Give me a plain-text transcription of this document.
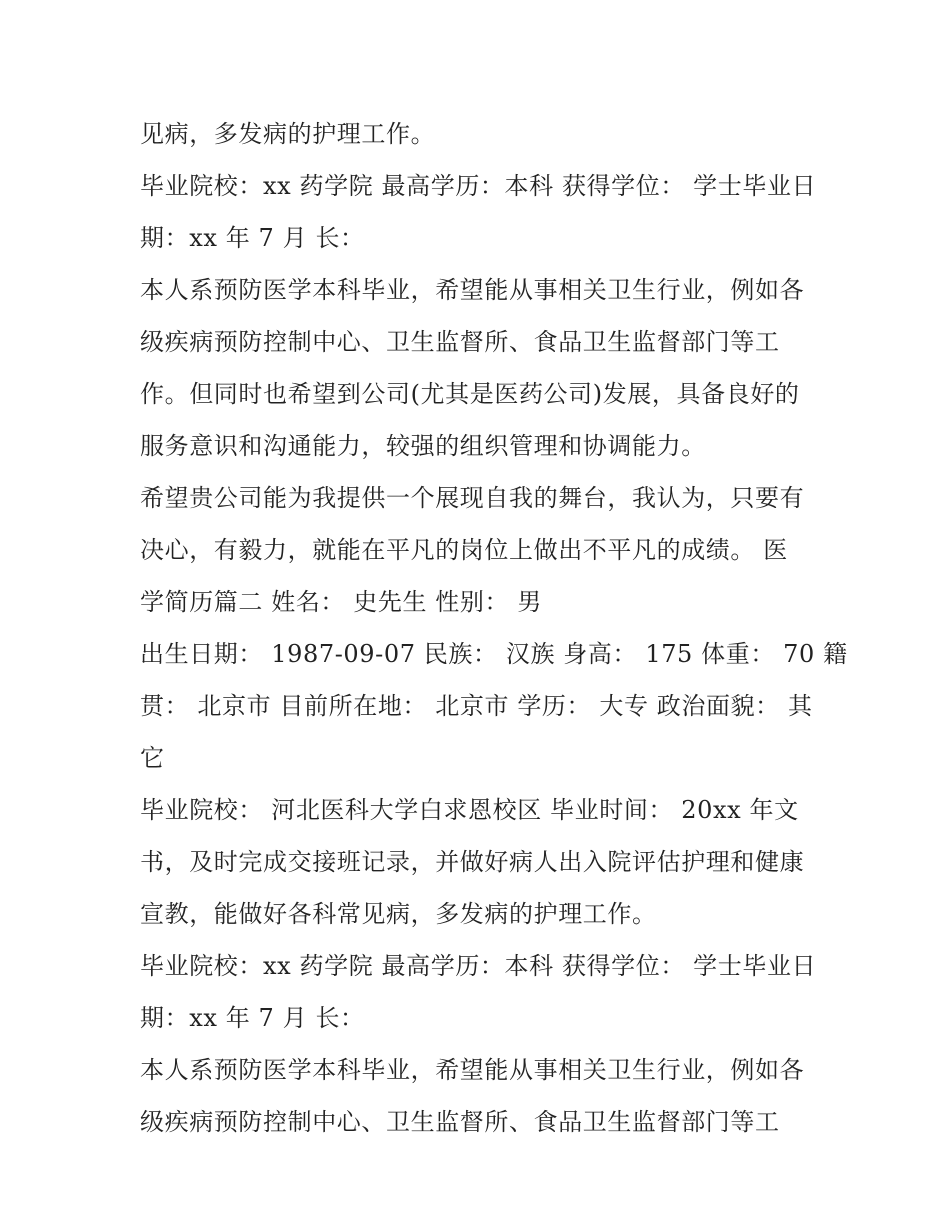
见病，多发病的护理工作。
毕业院校：xx 药学院 最高学历：本科 获得学位： 学士毕业日
期：xx 年 7 月 长：
本人系预防医学本科毕业，希望能从事相关卫生行业，例如各
级疾病预防控制中心、卫生监督所、食品卫生监督部门等工
作。但同时也希望到公司(尤其是医药公司)发展，具备良好的
服务意识和沟通能力，较强的组织管理和协调能力。
希望贵公司能为我提供一个展现自我的舞台，我认为，只要有
决心，有毅力，就能在平凡的岗位上做出不平凡的成绩。 医
学简历篇二 姓名： 史先生 性别： 男
出生日期： 1987-09-07 民族： 汉族 身高： 175 体重： 70 籍
贯： 北京市 目前所在地： 北京市 学历： 大专 政治面貌： 其
它
毕业院校： 河北医科大学白求恩校区 毕业时间： 20xx 年文
书，及时完成交接班记录，并做好病人出入院评估护理和健康
宣教，能做好各科常见病，多发病的护理工作。
毕业院校：xx 药学院 最高学历：本科 获得学位： 学士毕业日
期：xx 年 7 月 长：
本人系预防医学本科毕业，希望能从事相关卫生行业，例如各
级疾病预防控制中心、卫生监督所、食品卫生监督部门等工
